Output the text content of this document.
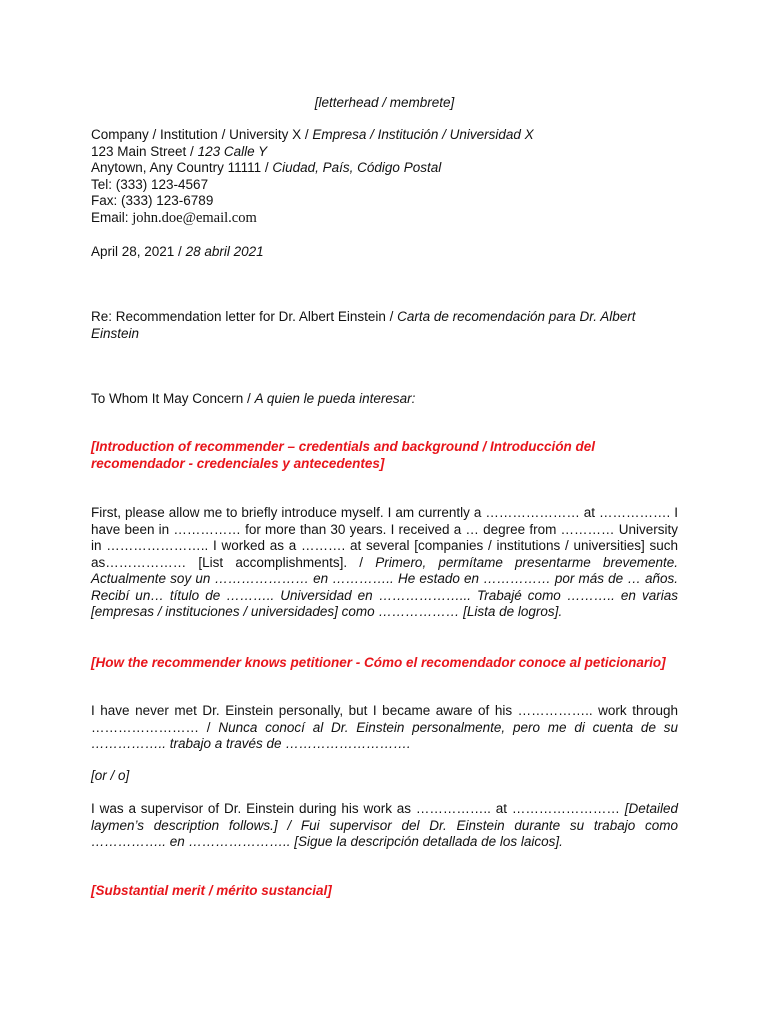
[letterhead / membrete]

Company / Institution / University X / Empresa / Institución / Universidad X
123 Main Street / 123 Calle Y
Anytown, Any Country 11111 / Ciudad, País, Código Postal
Tel: (333) 123-4567
Fax: (333) 123-6789
Email: john.doe@email.com

April 28, 2021 / 28 abril 2021

Re: Recommendation letter for Dr. Albert Einstein / Carta de recomendación para Dr. Albert Einstein

To Whom It May Concern / A quien le pueda interesar:

[Introduction of recommender – credentials and background / Introducción del recomendador - credenciales y antecedentes]

First, please allow me to briefly introduce myself. I am currently a ………………… at ……………. I have been in …………… for more than 30 years. I received a … degree from ………… University in ………………….. I worked as a ………. at several [companies / institutions / universities] such as……………… [List accomplishments]. / Primero, permítame presentarme brevemente. Actualmente soy un ………………… en ………….. He estado en …………… por más de … años. Recibí un… título de ……….. Universidad en ………………... Trabajé como ……….. en varias [empresas / instituciones / universidades] como ……………… [Lista de logros].

[How the recommender knows petitioner - Cómo el recomendador conoce al peticionario]

I have never met Dr. Einstein personally, but I became aware of his …………….. work through …………………… / Nunca conocí al Dr. Einstein personalmente, pero me di cuenta de su …………….. trabajo a través de ……………………….

[or / o]

I was a supervisor of Dr. Einstein during his work as …………….. at …………………… [Detailed laymen’s description follows.] / Fui supervisor del Dr. Einstein durante su trabajo como …………….. en ………………….. [Sigue la descripción detallada de los laicos].

[Substantial merit / mérito sustancial]
